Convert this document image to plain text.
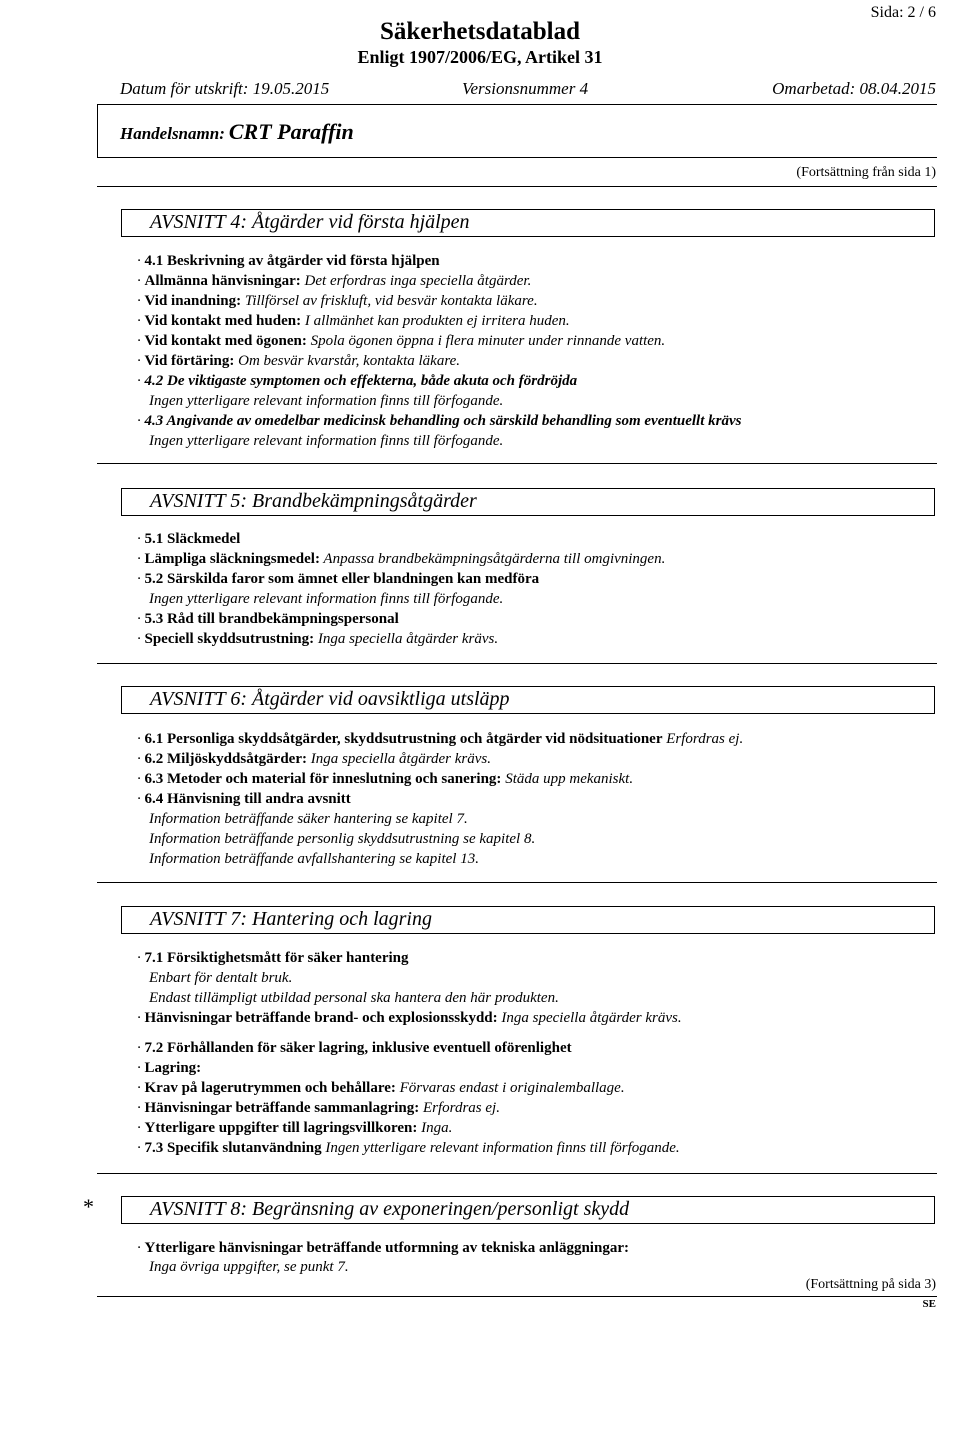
Sida: 2 / 6
Säkerhetsdatablad
Enligt 1907/2006/EG, Artikel 31
Datum för utskrift: 19.05.2015	Versionsnummer 4	Omarbetad: 08.04.2015
Handelsnamn: CRT Paraffin
(Fortsättning från sida 1)
AVSNITT 4: Åtgärder vid första hjälpen
· 4.1 Beskrivning av åtgärder vid första hjälpen
· Allmänna hänvisningar: Det erfordras inga speciella åtgärder.
· Vid inandning: Tillförsel av friskluft, vid besvär kontakta läkare.
· Vid kontakt med huden: I allmänhet kan produkten ej irritera huden.
· Vid kontakt med ögonen: Spola ögonen öppna i flera minuter under rinnande vatten.
· Vid förtäring: Om besvär kvarstår, kontakta läkare.
· 4.2 De viktigaste symptomen och effekterna, både akuta och fördröjda
Ingen ytterligare relevant information finns till förfogande.
· 4.3 Angivande av omedelbar medicinsk behandling och särskild behandling som eventuellt krävs
Ingen ytterligare relevant information finns till förfogande.
AVSNITT 5: Brandbekämpningsåtgärder
· 5.1 Släckmedel
· Lämpliga släckningsmedel: Anpassa brandbekämpningsåtgärderna till omgivningen.
· 5.2 Särskilda faror som ämnet eller blandningen kan medföra
Ingen ytterligare relevant information finns till förfogande.
· 5.3 Råd till brandbekämpningspersonal
· Speciell skyddsutrustning: Inga speciella åtgärder krävs.
AVSNITT 6: Åtgärder vid oavsiktliga utsläpp
· 6.1 Personliga skyddsåtgärder, skyddsutrustning och åtgärder vid nödsituationer Erfordras ej.
· 6.2 Miljöskyddsåtgärder: Inga speciella åtgärder krävs.
· 6.3 Metoder och material för inneslutning och sanering: Städa upp mekaniskt.
· 6.4 Hänvisning till andra avsnitt
Information beträffande säker hantering se kapitel 7.
Information beträffande personlig skyddsutrustning se kapitel 8.
Information beträffande avfallshantering se kapitel 13.
AVSNITT 7: Hantering och lagring
· 7.1 Försiktighetsmått för säker hantering
Enbart för dentalt bruk.
Endast tillämpligt utbildad personal ska hantera den här produkten.
· Hänvisningar beträffande brand- och explosionsskydd: Inga speciella åtgärder krävs.
· 7.2 Förhållanden för säker lagring, inklusive eventuell oförenlighet
· Lagring:
· Krav på lagerutrymmen och behållare: Förvaras endast i originalemballage.
· Hänvisningar beträffande sammanlagring: Erfordras ej.
· Ytterligare uppgifter till lagringsvillkoren: Inga.
· 7.3 Specifik slutanvändning Ingen ytterligare relevant information finns till förfogande.
*	AVSNITT 8: Begränsning av exponeringen/personligt skydd
· Ytterligare hänvisningar beträffande utformning av tekniska anläggningar:
Inga övriga uppgifter, se punkt 7.
(Fortsättning på sida 3)
SE
